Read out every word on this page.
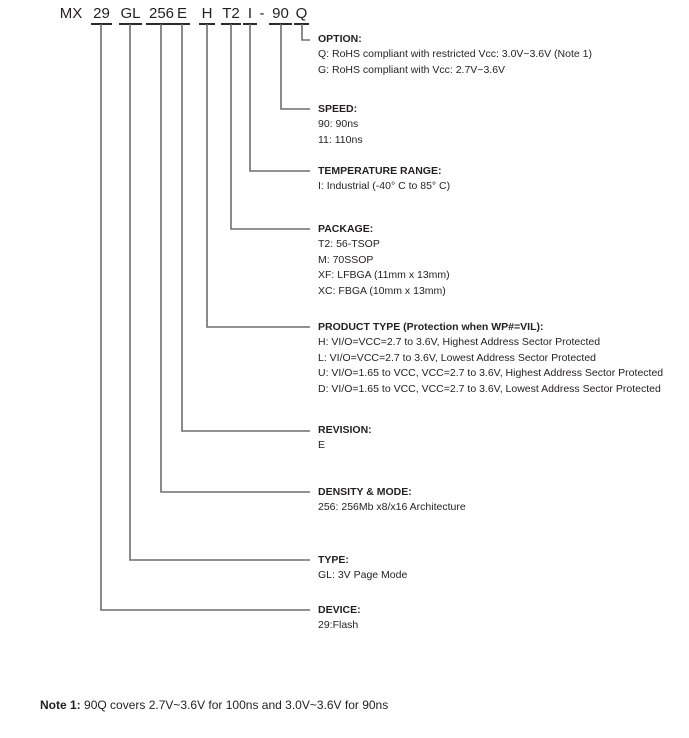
MX 29 GL 256 E H T2 I - 90 Q
OPTION:
Q: RoHS compliant with restricted Vcc: 3.0V~3.6V (Note 1)
G: RoHS compliant with Vcc: 2.7V~3.6V
SPEED:
90: 90ns
11: 110ns
TEMPERATURE RANGE:
I: Industrial (-40° C to 85° C)
PACKAGE:
T2: 56-TSOP
M: 70SSOP
XF: LFBGA (11mm x 13mm)
XC: FBGA (10mm x 13mm)
PRODUCT TYPE (Protection when WP#=VIL):
H: VI/O=VCC=2.7 to 3.6V, Highest Address Sector Protected
L: VI/O=VCC=2.7 to 3.6V, Lowest Address Sector Protected
U: VI/O=1.65 to VCC, VCC=2.7 to 3.6V, Highest Address Sector Protected
D: VI/O=1.65 to VCC, VCC=2.7 to 3.6V, Lowest Address Sector Protected
REVISION:
E
DENSITY & MODE:
256: 256Mb x8/x16 Architecture
TYPE:
GL: 3V Page Mode
DEVICE:
29:Flash
Note 1: 90Q covers 2.7V~3.6V for 100ns and 3.0V~3.6V for 90ns
